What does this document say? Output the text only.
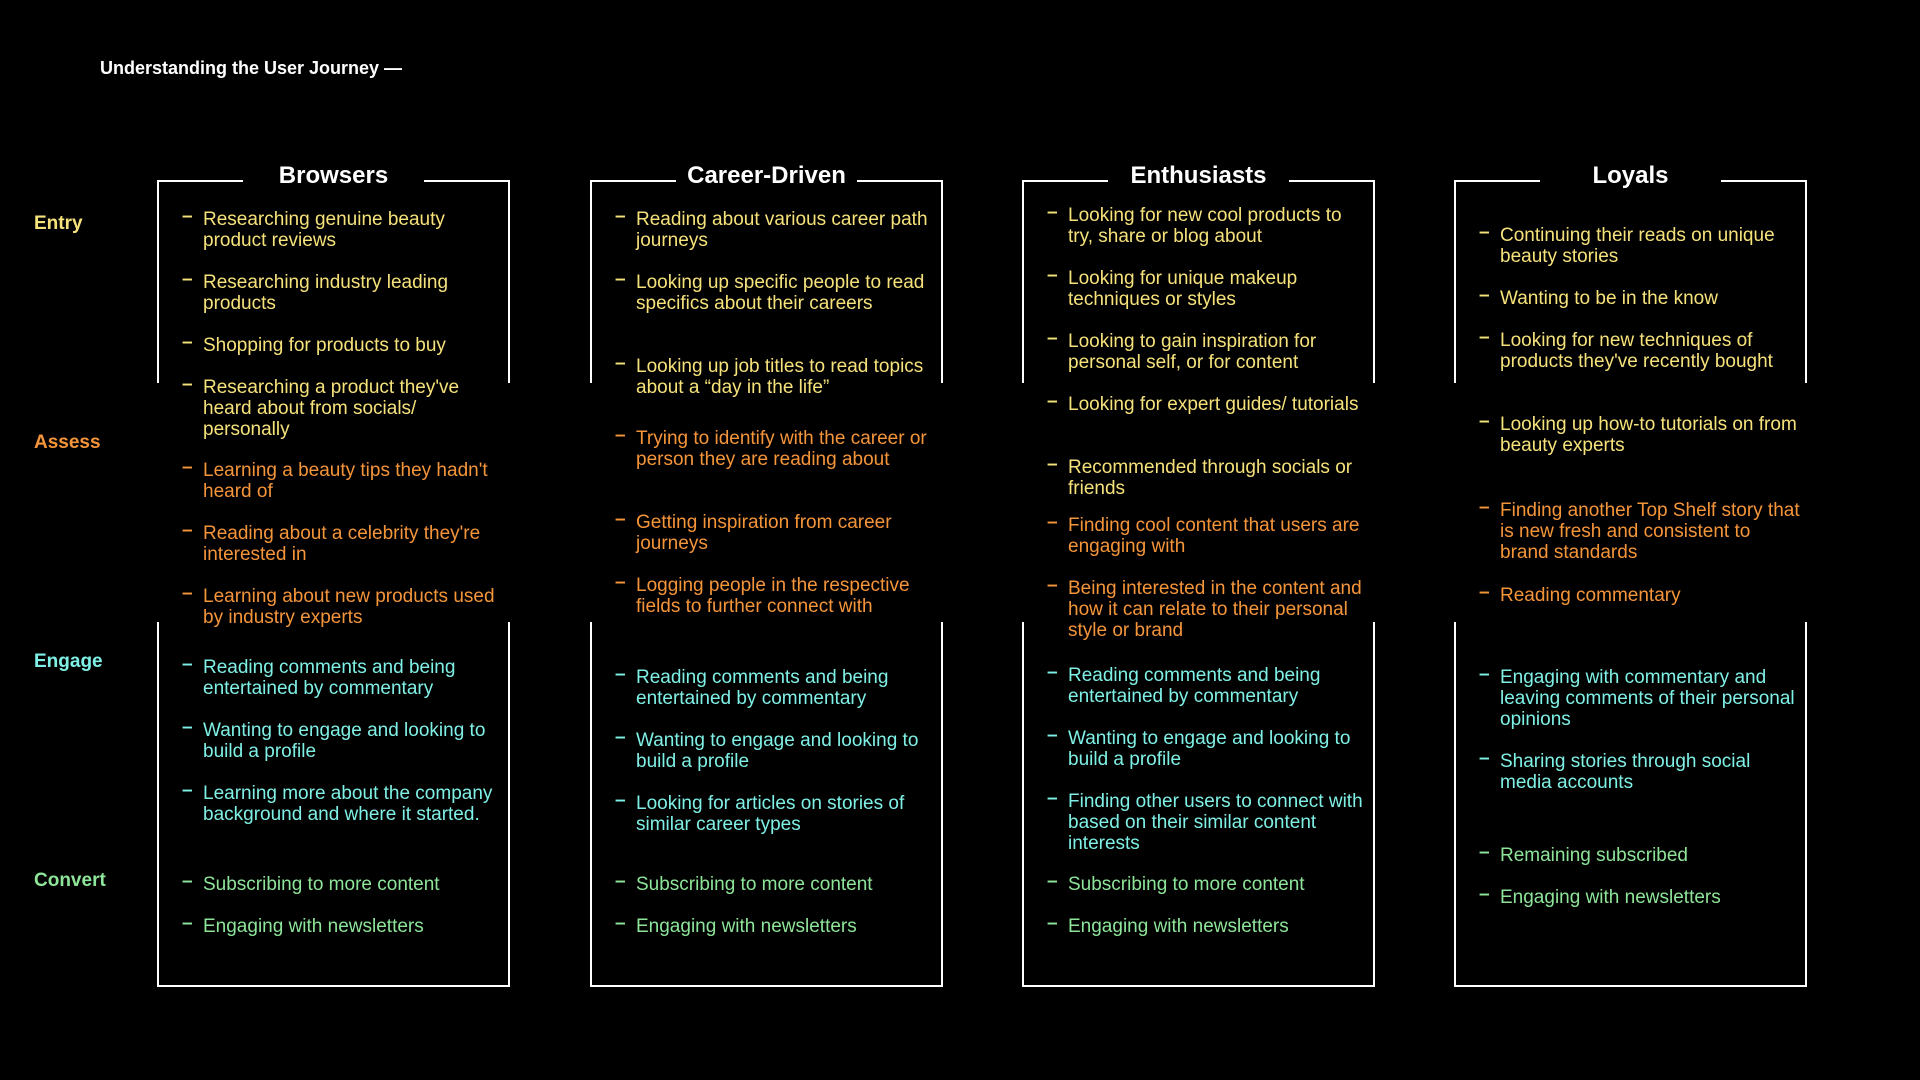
Understanding the User Journey —
Entry
Assess
Engage
Convert
Browsers
– Researching genuine beauty product reviews
– Researching industry leading products
– Shopping for products to buy
– Researching a product they've heard about from socials/ personally
– Learning a beauty tips they hadn't heard of
– Reading about a celebrity they're interested in
– Learning about new products used by industry experts
– Reading comments and being entertained by commentary
– Wanting to engage and looking to build a profile
– Learning more about the company background and where it started.
– Subscribing to more content
– Engaging with newsletters
Career-Driven
– Reading about various career path journeys
– Looking up specific people to read specifics about their careers
– Looking up job titles to read topics about a “day in the life”
– Trying to identify with the career or person they are reading about
– Getting inspiration from career journeys
– Logging people in the respective fields to further connect with
– Reading comments and being entertained by commentary
– Wanting to engage and looking to build a profile
– Looking for articles on stories of similar career types
– Subscribing to more content
– Engaging with newsletters
Enthusiasts
– Looking for new cool products to try, share or blog about
– Looking for unique makeup techniques or styles
– Looking to gain inspiration for personal self, or for content
– Looking for expert guides/ tutorials
– Recommended through socials or friends
– Finding cool content that users are engaging with
– Being interested in the content and how it can relate to their personal style or brand
– Reading comments and being entertained by commentary
– Wanting to engage and looking to build a profile
– Finding other users to connect with based on their similar content interests
– Subscribing to more content
– Engaging with newsletters
Loyals
– Continuing their reads on unique beauty stories
– Wanting to be in the know
– Looking for new techniques of products they've recently bought
– Looking up how-to tutorials on from beauty experts
– Finding another Top Shelf story that is new fresh and consistent to brand standards
– Reading commentary
– Engaging with commentary and leaving comments of their personal opinions
– Sharing stories through social media accounts
– Remaining subscribed
– Engaging with newsletters
